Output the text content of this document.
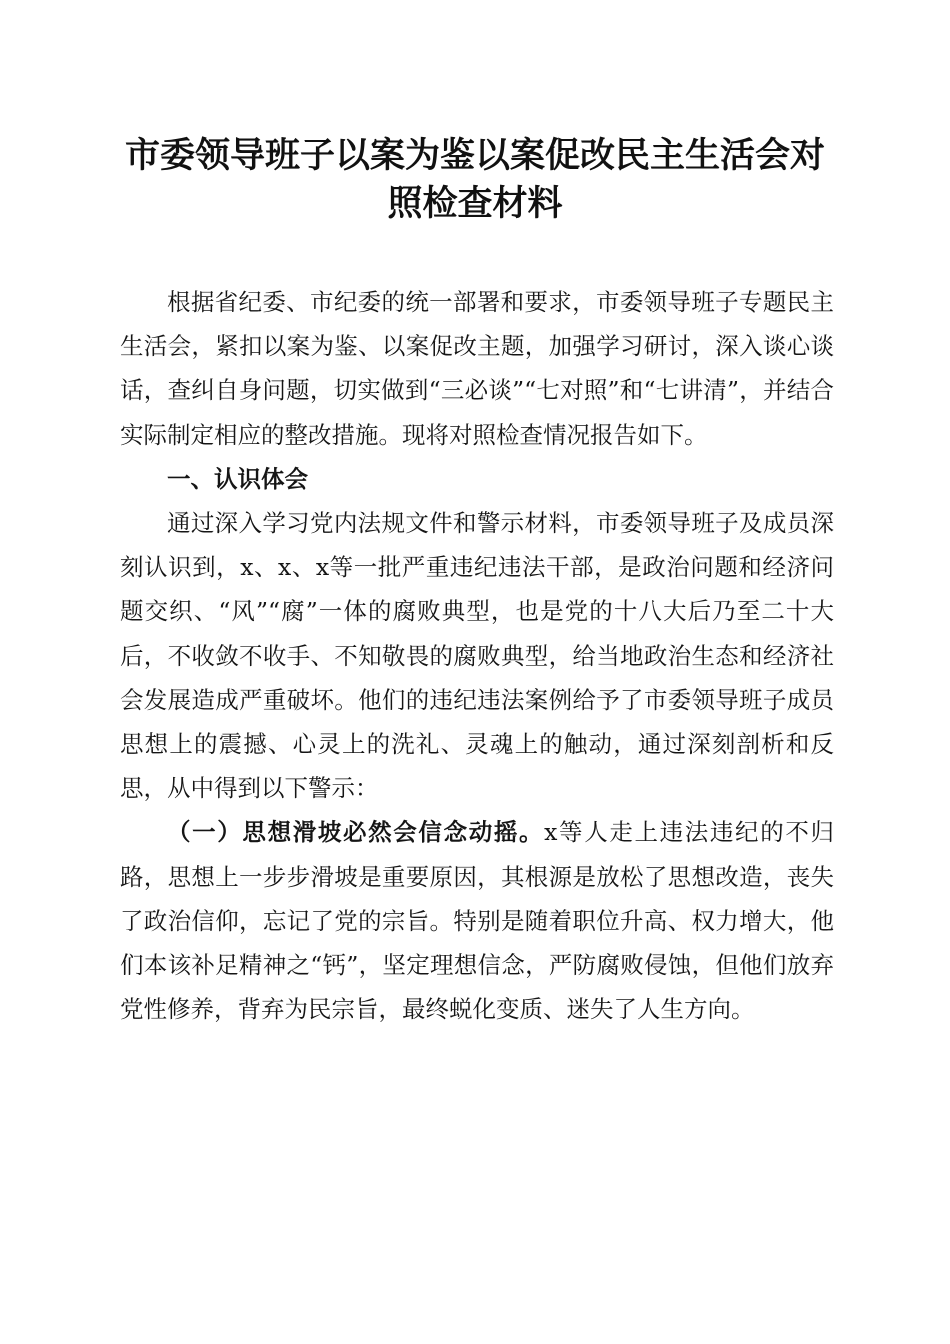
市委领导班子以案为鉴以案促改民主生活会对
照检查材料

根据省纪委、市纪委的统一部署和要求，市委领导班子专题民主生活会，紧扣以案为鉴、以案促改主题，加强学习研讨，深入谈心谈话，查纠自身问题，切实做到“三必谈”“七对照”和“七讲清”，并结合实际制定相应的整改措施。现将对照检查情况报告如下。

一、认识体会

通过深入学习党内法规文件和警示材料，市委领导班子及成员深刻认识到，x、x、x等一批严重违纪违法干部，是政治问题和经济问题交织、“风”“腐”一体的腐败典型，也是党的十八大后乃至二十大后，不收敛不收手、不知敬畏的腐败典型，给当地政治生态和经济社会发展造成严重破坏。他们的违纪违法案例给予了市委领导班子成员思想上的震撼、心灵上的洗礼、灵魂上的触动，通过深刻剖析和反思，从中得到以下警示：

（一）思想滑坡必然会信念动摇。x等人走上违法违纪的不归路，思想上一步步滑坡是重要原因，其根源是放松了思想改造，丧失了政治信仰，忘记了党的宗旨。特别是随着职位升高、权力增大，他们本该补足精神之“钙”，坚定理想信念，严防腐败侵蚀，但他们放弃党性修养，背弃为民宗旨，最终蜕化变质、迷失了人生方向。
